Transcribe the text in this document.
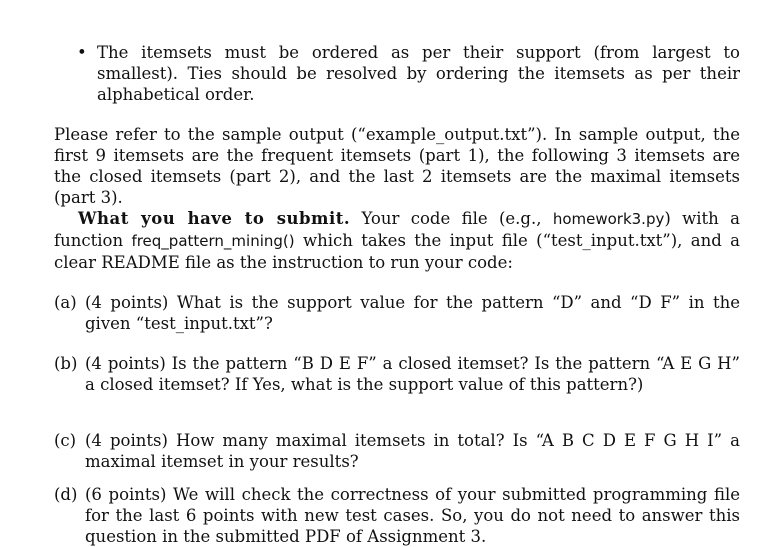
• The itemsets must be ordered as per their support (from largest to smallest). Ties should be resolved by ordering the itemsets as per their alphabetical order.

Please refer to the sample output (“example_output.txt”). In sample output, the first 9 itemsets are the frequent itemsets (part 1), the following 3 itemsets are the closed itemsets (part 2), and the last 2 itemsets are the maximal itemsets (part 3).

What you have to submit. Your code file (e.g., homework3.py) with a function freq_pattern_mining() which takes the input file (“test_input.txt”), and a clear README file as the instruction to run your code:

(a) (4 points) What is the support value for the pattern “D” and “D F” in the given “test_input.txt”?
(b) (4 points) Is the pattern “B D E F” a closed itemset? Is the pattern “A E G H” a closed itemset? If Yes, what is the support value of this pattern?)
(c) (4 points) How many maximal itemsets in total? Is “A B C D E F G H I” a maximal itemset in your results?
(d) (6 points) We will check the correctness of your submitted programming file for the last 6 points with new test cases. So, you do not need to answer this question in the submitted PDF of Assignment 3.
